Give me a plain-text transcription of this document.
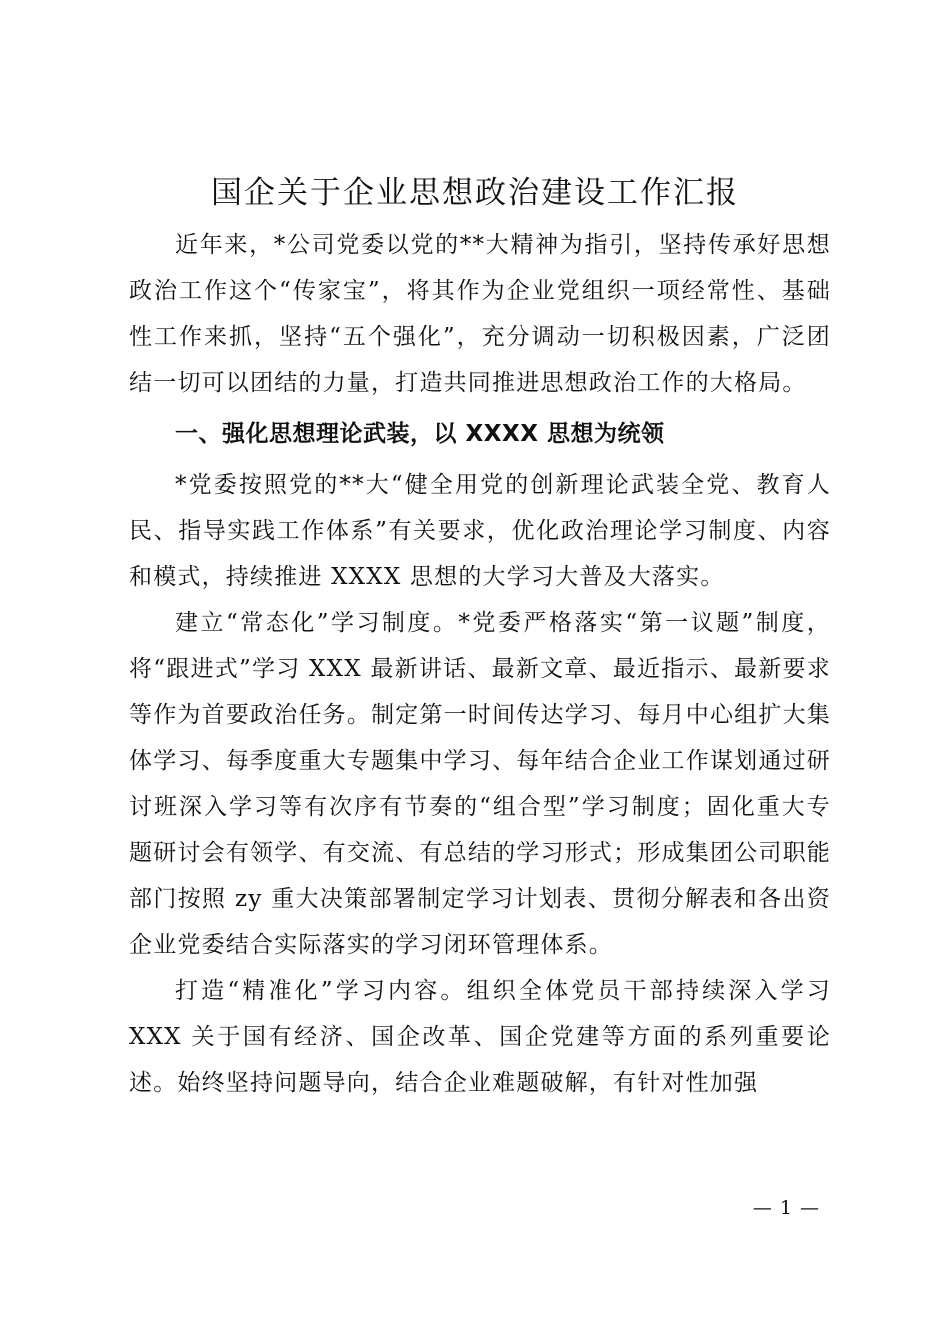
国企关于企业思想政治建设工作汇报

近年来，*公司党委以党的**大精神为指引，坚持传承好思想政治工作这个“传家宝”，将其作为企业党组织一项经常性、基础性工作来抓，坚持“五个强化”，充分调动一切积极因素，广泛团结一切可以团结的力量，打造共同推进思想政治工作的大格局。

一、强化思想理论武装，以 XXXX 思想为统领

*党委按照党的**大“健全用党的创新理论武装全党、教育人民、指导实践工作体系”有关要求，优化政治理论学习制度、内容和模式，持续推进 XXXX 思想的大学习大普及大落实。

建立“常态化”学习制度。*党委严格落实“第一议题”制度，将“跟进式”学习 XXX 最新讲话、最新文章、最近指示、最新要求等作为首要政治任务。制定第一时间传达学习、每月中心组扩大集体学习、每季度重大专题集中学习、每年结合企业工作谋划通过研讨班深入学习等有次序有节奏的“组合型”学习制度；固化重大专题研讨会有领学、有交流、有总结的学习形式；形成集团公司职能部门按照 zy 重大决策部署制定学习计划表、贯彻分解表和各出资企业党委结合实际落实的学习闭环管理体系。

打造“精准化”学习内容。组织全体党员干部持续深入学习 XXX 关于国有经济、国企改革、国企党建等方面的系列重要论述。始终坚持问题导向，结合企业难题破解，有针对性加强

— 1 —
